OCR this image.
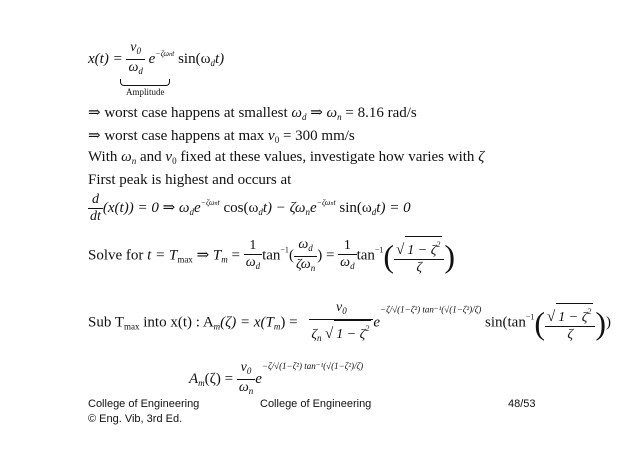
$x(t) = \frac{v_0}{\omega_d} e^{-\zeta\omega nt}$ $\sin(\omega_dt)$
Amplitude
⇒ worst case happens at smallest $\omega_d$ ⇒ $\omega_n = 8.16$ rad/s
⇒ worst case happens at $\max v_0 = 300$ mm/s
With $\omega_n$ and $v_0$ fixed at these values, investigate how varies with ζ
First peak is highest and occurs at
$\frac{d}{dt} (x(t)) = 0$ ⇒ $\omega_de^{-\zeta\omega nt}$ $\cos(\omega_dt) - \zeta\omega_ne^{-\zeta\omega nt}$ $\sin(\omega_dt) = 0$
Solve for $t = T_{max}$ ⇒ $T_m = \frac{1}{\omega_d} \tan^{-1}( \frac{\omega_d}{\zeta\omega_n}$ ) = $\frac{1}{\omega_d} \tan^{-1}( \frac{√ 1 - \zeta^2}{\zeta}$ )
Sub $T_{max}$ into x(t) : $A_m(\zeta) = x(T_m) = \frac{v_0}{\zeta_n √ 1 - \zeta^2} e^{-\zeta/√(1-\zeta^2) tan^{-1}(√(1-\zeta^2)/\zeta)}$ $\sin(\tan^{-1}( \frac{√ 1 - \zeta^2}{\zeta}$ ))
$A_m(\zeta) = \frac{v_0}{\omega_n} e^{-\zeta/√(1-\zeta^2) tan^{-1}(√(1-\zeta^2)/\zeta)}$
College of Engineering
© Eng. Vib, 3rd Ed.
College of Engineering	48/53
